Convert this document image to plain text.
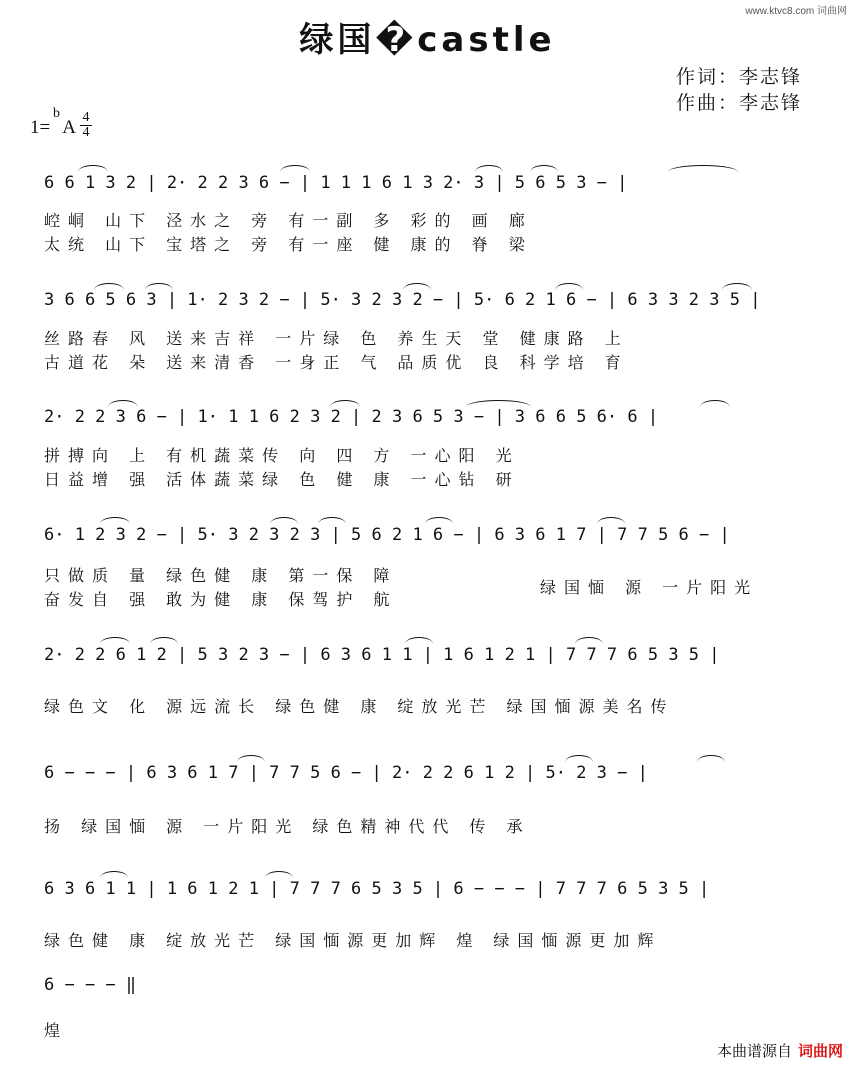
www.ktvc8.com 词曲网
绿国�castle
作词：李志锋
作曲：李志锋
1=
b
A 4
4
6 6 1 3 2 | 2· 2 2 3 6 − | 1 1 1 6 1 3 2· 3 | 5 6 5 3 − |
崆峒 山下 泾水之 旁 有一副 多 彩的 画 廊
太统 山下 宝塔之 旁 有一座 健 康的 脊 梁
3 6 6 5 6 3 | 1· 2 3 2 − | 5· 3 2 3 2 − | 5· 6 2 1 6 − | 6 3 3 2 3 5 |
丝路春 风 送来吉祥 一片绿 色 养生天 堂 健康路 上
古道花 朵 送来清香 一身正 气 品质优 良 科学培 育
2· 2 2 3 6 − | 1· 1 1 6 2 3 2 | 2 3 6 5 3 − | 3 6 6 5 6· 6 |
拼搏向 上 有机蔬菜传 向 四 方 一心阳 光
日益增 强 活体蔬菜绿 色 健 康 一心钻 研
6· 1 2 3 2 − | 5· 3 2 3 2 3 | 5 6 2 1 6 − | 6 3 6 1 7 | 7 7 5 6 − |
只做质 量 绿色健 康 第一保 障
奋发自 强 敢为健 康 保驾护 航
绿国愐 源 一片阳光
2· 2 2 6 1 2 | 5 3 2 3 − | 6 3 6 1 1 | 1 6 1 2 1 | 7 7 7 6 5 3 5 |
绿色文 化 源远流长 绿色健 康 绽放光芒 绿国愐源美名传
6 − − − | 6 3 6 1 7 | 7 7 5 6 − | 2· 2 2 6 1 2 | 5· 2 3 − |
扬 绿国愐 源 一片阳光 绿色精神代代 传 承
6 3 6 1 1 | 1 6 1 2 1 | 7 7 7 6 5 3 5 | 6 − − − | 7 7 7 6 5 3 5 |
绿色健 康 绽放光芒 绿国愐源更加辉 煌 绿国愐源更加辉
6 − − − ‖
煌
本曲谱源自 词曲网
